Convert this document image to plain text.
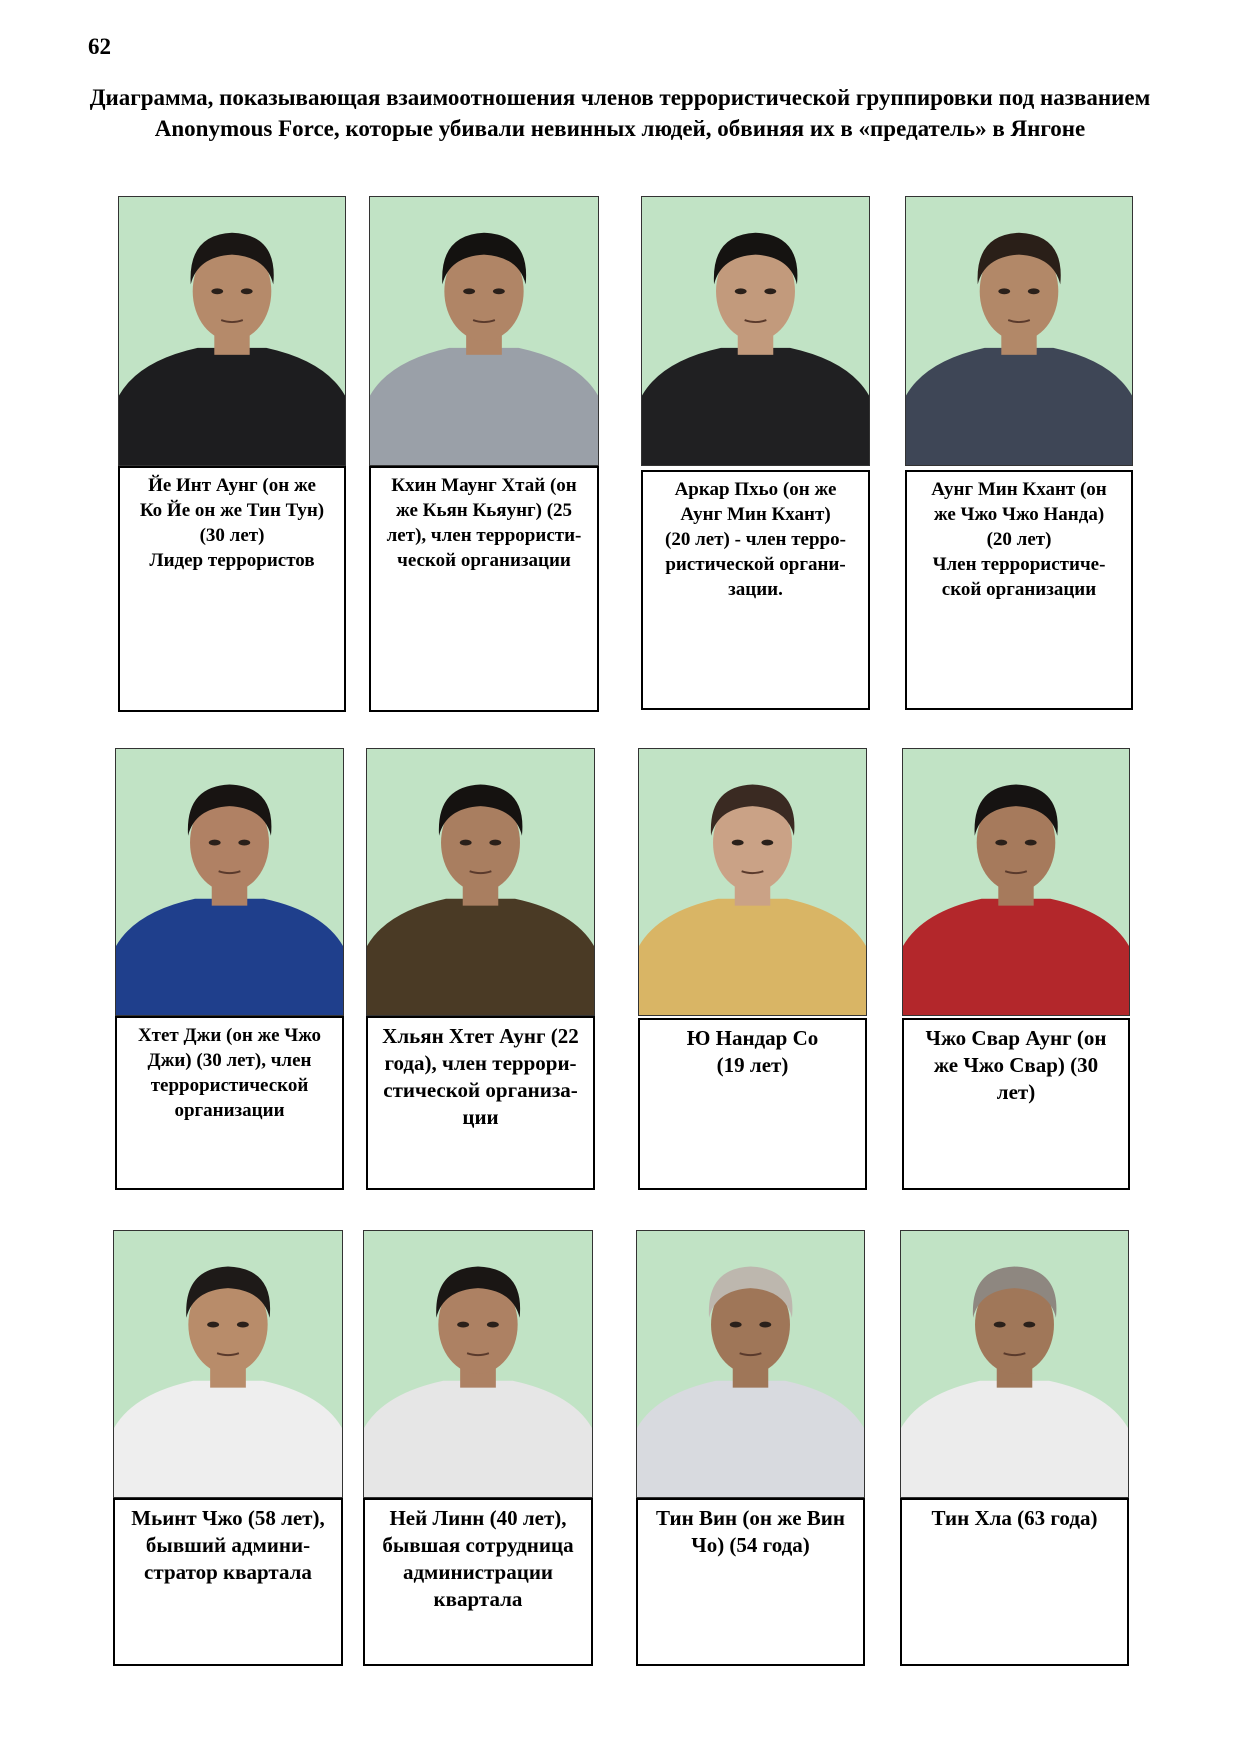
62
Диаграмма, показывающая взаимоотношения членов террористической группировки под названием Anonymous Force, которые убивали невинных людей, обвиняя их в «предатель» в Янгоне
Йе Инт Аунг (он же
Ко Йе он же Тин Тун)
(30 лет)
Лидер террористов
Кхин Маунг Хтай (он
же Кьян Кьяунг) (25
лет), член террористи-
ческой организации
Аркар Пхьо (он же
Аунг Мин Кхант)
(20 лет) - член терро-
ристической органи-
зации.
Аунг Мин Кхант (он
же Чжо Чжо Нанда)
(20 лет)
Член террористиче-
ской организации
Хтет Джи (он же Чжо
Джи) (30 лет), член
террористической
организации
Хльян Хтет Аунг (22
года), член террори-
стической организа-
ции
Ю Нандар Со
(19 лет)
Чжо Свар Аунг (он
же Чжо Свар) (30
лет)
Мьинт Чжо (58 лет),
бывший админи-
стратор квартала
Ней Линн (40 лет),
бывшая сотрудница
администрации
квартала
Тин Вин (он же Вин
Чо) (54 года)
Тин Хла (63 года)
